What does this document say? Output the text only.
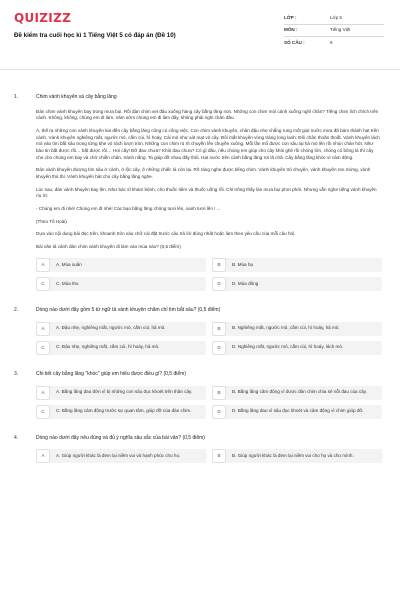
QUIZIZZ
Đề kiểm tra cuối học kì 1 Tiếng Việt 5 có đáp án (Đề 10)
LỚP :	Lớp 5
MÔN :	Tiếng Việt
SỐ CÂU :	6
1.	Chim vành khuyên và cây bằng lăng

Đàn chim vành khuyên bay trong mưa bụi. Rồi đàn chim vẹt đậu xuống hàng cây bằng lăng non. Những con chim mỏi cánh xuống nghỉ chân? Tiếng chim lích chích trên cành. Không, không, chúng em đi làm, năm sớm chúng em đi làm đây, không phải nghỉ chân đâu.

À, thế ra những con vành khuyên kia đến cây bằng lăng cũng có công việc. Con chim vành khuyên, chân đậu nhẹ chẳng rung một giọt nước mưa đã bám thành hạt trên cành. Vành khuyên nghiêng mắt, ngước mỏ, cắm cúi, hì hoáy. Cái mỏ như xát mạt vỏ cây. Đôi mắt khuyên vòng tráng long lanh. Đôi chân thoăn thoắt. Vành khuyên lách mỏ vào tìm bắt sâu trong từng khe vỏ rách lượn tròn. Những con chim rủ rít chuyền lên chuyền xuống. Mỗi lần mổ được con sâu lại hả mỏ lên rồi nhún chân hót. Như bảo tin bắt được rồi… bắt được rồi… Hơi cây! Đỡ đau chưa? Khỏi đau chưa? Có gì đâu, nếu chúng em giúp cho cây khỏi ghẻ rồi chóng lớn, chóng có bông lá thì cây che cho chúng em bay và chở chiền chân, tránh nắng. Ta giúp đỡ nhau đấy thôi. Hạt nước trên cành bằng lăng rơi lã chã. Cây bằng lăng khóc vì cảm động.

Đàn vành khuyên đương tìm sâu ở cành, ở lộc cây, ở những chiếc lá còn lại. Rõ ràng nghe được tiếng chim. Vành khuyên trò chuyện, vành khuyên reo mừng, vành khuyên thủ thỉ. Vành khuyên hát cho cây bằng lăng nghe.

Lúc sau, đàn vành khuyên bay lên. Như bác sĩ khám bệnh, cho thuốc tiêm và thuốc uống rồi. Chỉ trông thấy làn mưa bụi phơi phới. Nhưng vẫn nghe tiếng vành khuyên ríu rít:

- Chúng em đi nhé! Chúng em đi nhé! Các bạn bằng lăng chóng tươi lên, xanh tươi lên ! ...

(Theo Tô Hoài)

Dựa vào nội dung bài đọc trên, khoanh tròn vào chữ cái đặt trước câu trả lời đúng nhất hoặc làm theo yêu cầu của mỗi câu hỏi.

Bài văn tả cảnh đàn chim vành khuyên đi làm vào mùa nào? (0,5 điểm)
A	A. Mùa xuân	B	B. Mùa hạ
C	C. Mùa thu	D	D. Mùa đông
2.	Dòng nào dưới đây gồm 5 từ ngữ tả vành khuyên chăm chỉ tìm bắt sâu? (0,5 điểm)
A	A. Đậu nhẹ, nghiêng mắt, ngước mỏ, cắm cúi, hả mỏ.	B	B. Nghiêng mắt, ngước mỏ, cắm cúi, hì hoáy, hả mỏ.
C	C. Đậu nhẹ, nghiêng mắt, cắm cúi, hì hoáy, hả mỏ.	D	D. Nghiêng mắt, ngước mỏ, cắm cúi, hì hoáy, lách mỏ.
3.	Chi tiết cây bằng lăng "khóc" giúp em hiểu được điều gì? (0,5 điểm)
A	A. Bằng lăng đau đớn vì bị những con sâu đục khoét trên thân cây.	B	B. Bằng lăng cảm động vì được đàn chim chia sẻ nỗi đau của cây.
C	C. Bằng lăng cảm động trước sự quan tâm, giúp đỡ của đàn chim.	D	D. Bằng lăng đau vì sâu đục khoét và cảm động vì chim giúp đỡ.
4.	Dòng nào dưới đây nêu đúng và đủ ý nghĩa sâu sắc của bài văn? (0,5 điểm)
A	A. Giúp người khác là đem lại niềm vui và hạnh phúc cho họ.	B	B. Giúp người khác là đem lại niềm vui cho họ và cho mình.
